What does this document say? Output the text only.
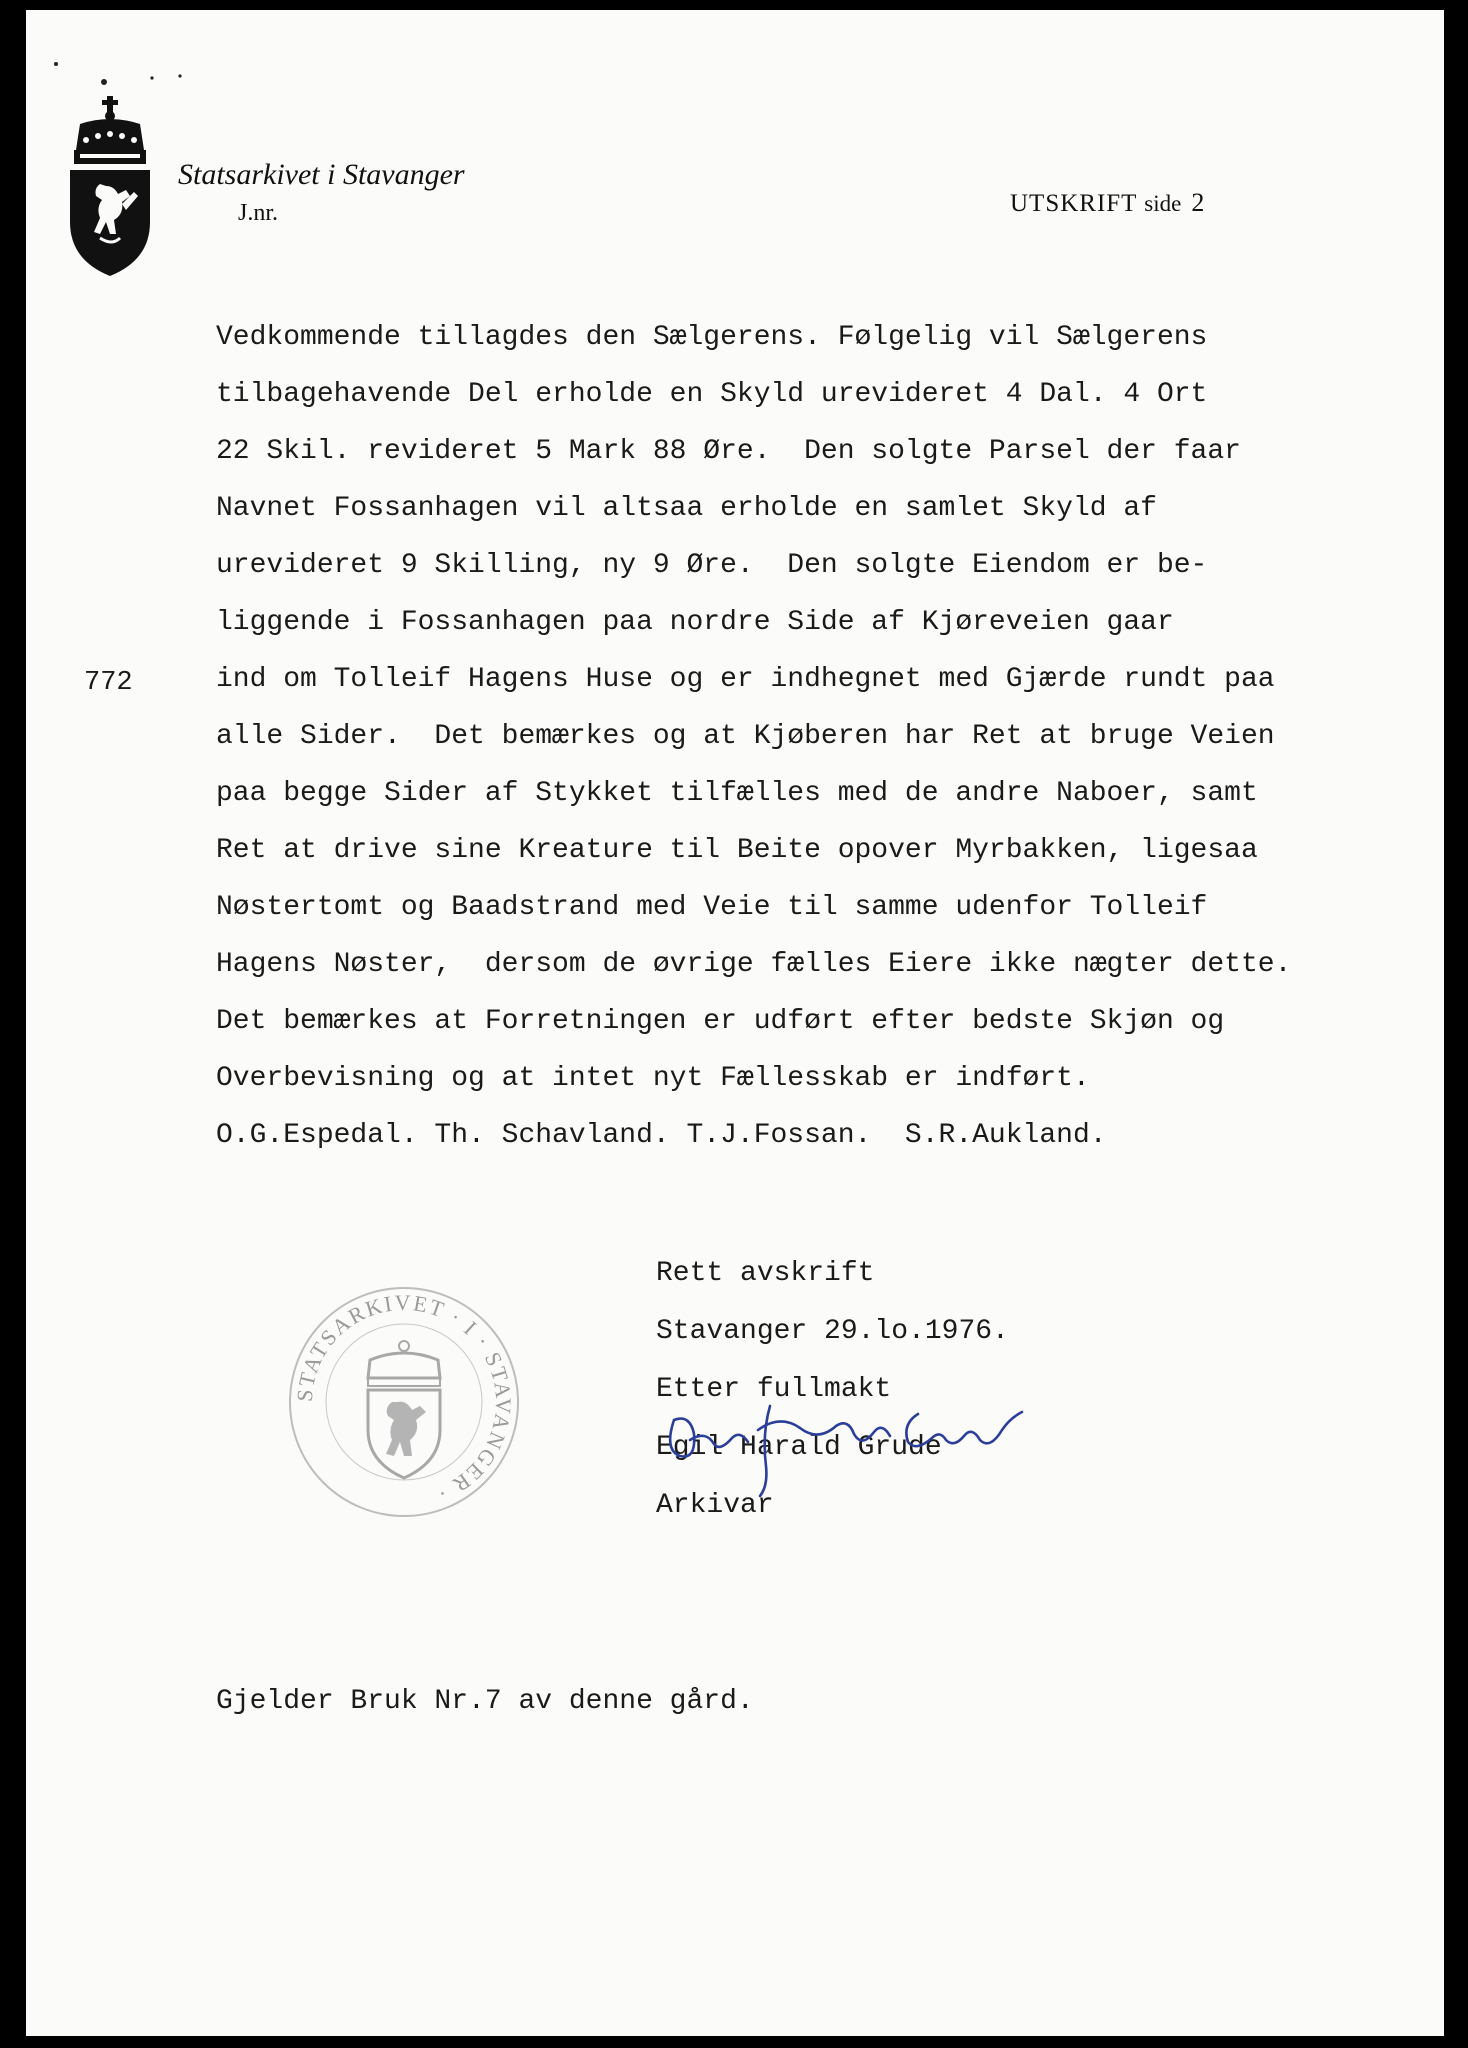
Statsarkivet i Stavanger
J.nr.	UTSKRIFT side 2
772
Vedkommende tillagdes den Sælgerens. Følgelig vil Sælgerens
tilbagehavende Del erholde en Skyld urevideret 4 Dal. 4 Ort
22 Skil. revideret 5 Mark 88 Øre.  Den solgte Parsel der faar
Navnet Fossanhagen vil altsaa erholde en samlet Skyld af
urevideret 9 Skilling, ny 9 Øre.  Den solgte Eiendom er be-
liggende i Fossanhagen paa nordre Side af Kjøreveien gaar
ind om Tolleif Hagens Huse og er indhegnet med Gjærde rundt paa
alle Sider.  Det bemærkes og at Kjøberen har Ret at bruge Veien
paa begge Sider af Stykket tilfælles med de andre Naboer, samt
Ret at drive sine Kreature til Beite opover Myrbakken, ligesaa
Nøstertomt og Baadstrand med Veie til samme udenfor Tolleif
Hagens Nøster,  dersom de øvrige fælles Eiere ikke nægter dette.
Det bemærkes at Forretningen er udført efter bedste Skjøn og
Overbevisning og at intet nyt Fællesskab er indført.
O.G.Espedal. Th. Schavland. T.J.Fossan.  S.R.Aukland.
STATSARKIVET · I · STAVANGER ·
Rett avskrift
Stavanger 29.lo.1976.
Etter fullmakt
Egil Harald Grude
Arkivar
Gjelder Bruk Nr.7 av denne gård.
